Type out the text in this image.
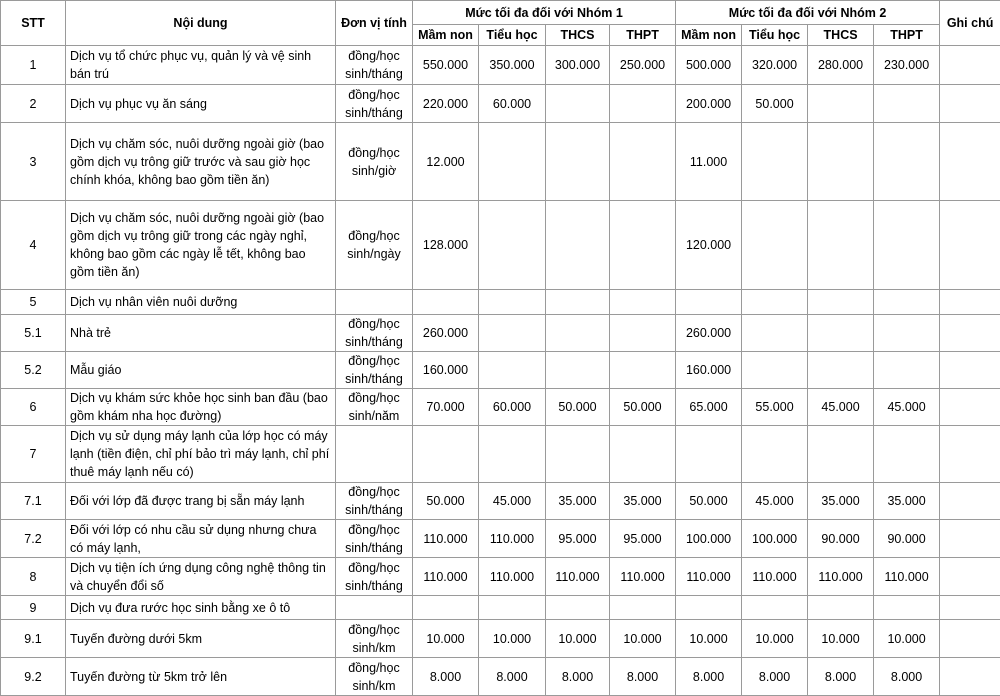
STT	Nội dung	Đơn vị tính	Mức tối đa đối với Nhóm 1				Mức tối đa đối với Nhóm 2				Ghi chú
			Mầm non	Tiểu học	THCS	THPT	Mầm non	Tiểu học	THCS	THPT	
1	Dịch vụ tổ chức phục vụ, quản lý và vệ sinh bán trú	đồng/học sinh/tháng	550.000	350.000	300.000	250.000	500.000	320.000	280.000	230.000	
2	Dịch vụ phục vụ ăn sáng	đồng/học sinh/tháng	220.000	60.000			200.000	50.000			
3	Dịch vụ chăm sóc, nuôi dưỡng ngoài giờ (bao gồm dịch vụ trông giữ trước và sau giờ học chính khóa, không bao gồm tiền ăn)	đồng/học sinh/giờ	12.000				11.000				
4	Dịch vụ chăm sóc, nuôi dưỡng ngoài giờ (bao gồm dịch vụ trông giữ trong các ngày nghỉ, không bao gồm các ngày lễ tết, không bao gồm tiền ăn)	đồng/học sinh/ngày	128.000				120.000				
5	Dịch vụ nhân viên nuôi dưỡng										
5.1	Nhà trẻ	đồng/học sinh/tháng	260.000				260.000				
5.2	Mẫu giáo	đồng/học sinh/tháng	160.000				160.000				
6	Dịch vụ khám sức khỏe học sinh ban đầu (bao gồm khám nha học đường)	đồng/học sinh/năm	70.000	60.000	50.000	50.000	65.000	55.000	45.000	45.000	
7	Dịch vụ sử dụng máy lạnh của lớp học có máy lạnh (tiền điện, chỉ phí bảo trì máy lạnh, chỉ phí thuê máy lạnh nếu có)										
7.1	Đối với lớp đã được trang bị sẵn máy lạnh	đồng/học sinh/tháng	50.000	45.000	35.000	35.000	50.000	45.000	35.000	35.000	
7.2	Đối với lớp có nhu cầu sử dụng nhưng chưa có máy lạnh,	đồng/học sinh/tháng	110.000	110.000	95.000	95.000	100.000	100.000	90.000	90.000	
8	Dịch vụ tiện ích ứng dụng công nghệ thông tin và chuyển đổi số	đồng/học sinh/tháng	110.000	110.000	110.000	110.000	110.000	110.000	110.000	110.000	
9	Dịch vụ đưa rước học sinh bằng xe ô tô										
9.1	Tuyến đường dưới 5km	đồng/học sinh/km	10.000	10.000	10.000	10.000	10.000	10.000	10.000	10.000	
9.2	Tuyến đường từ 5km trở lên	đồng/học sinh/km	8.000	8.000	8.000	8.000	8.000	8.000	8.000	8.000	
